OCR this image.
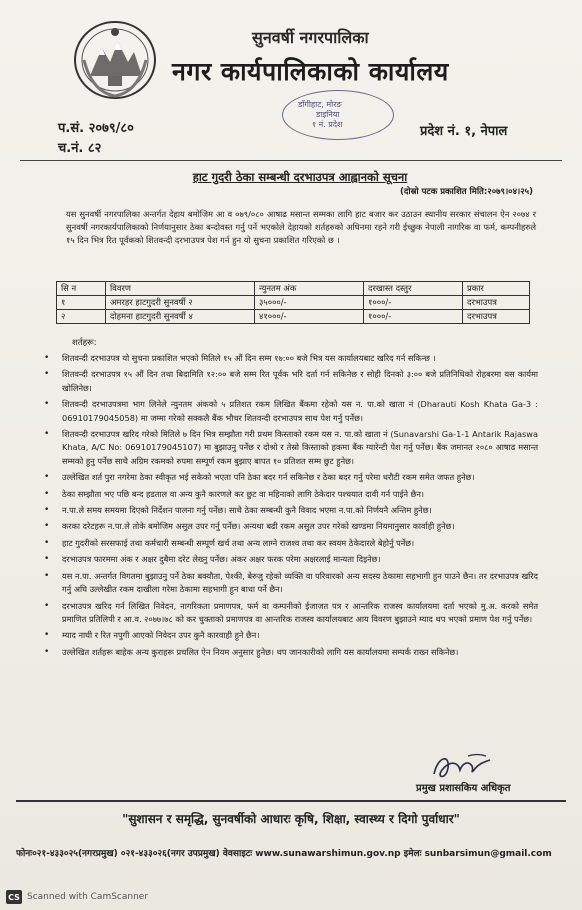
सुनवर्षी नगरपालिका
नगर कार्यपालिकाको कार्यालय
डाँगीहाट, मोरङ
डाइनिया
१ नं. प्रदेश
प.सं. २०७९/८०
च.नं. ८२
प्रदेश नं. १, नेपाल
हाट गुदरी ठेका सम्बन्धी दरभाउपत्र आह्वानको सूचना
(दोस्रो पटक प्रकाशित मिति:२०७९।०४।२५)
यस सुनवर्षी नगरपालिका अन्तर्गत देहाय बमोजिम आ व ०७९/०८० आषाढ मसान्त सम्मका लागि हाट बजार कर उठाउन स्थानीय सरकार संचालन ऐन २०७४ र सुनवर्षी नगरकार्यपालिकाको निर्णयानुसार ठेका बन्दोवस्त गर्नु पर्ने भएकोले देहायको शर्तहरुको अधिनमा रहने गरी ईच्छुक नेपाली नागरिक वा फर्म, कम्पनीहरुले १५ दिन भित्र रित पूर्वकको शितवन्दी दरभाउपत्र पेश गर्न हुन यो सुचना प्रकाशित गरिएको छ ।
सि न	विवरण	न्युनतम अंक	दरखास्त दस्तुर	प्रकार
१	अमरहर हाटगुदरी सुनवर्षी २	३५०००/-	१०००/-	दरभाउपत्र
२	दोहमना हाटगुदरी सुनवर्षी ४	४१०००/-	१०००/-	दरभाउपत्र
शर्तहरू:
• शितवन्दी दरभाउपत्र यो सुचना प्रकाशित भएको मितिले १५ औं दिन सम्म १७:०० बजे भित्र यस कार्यालयबाट खरिद गर्न सकिन्छ ।
• शितवन्दी दरभाउपत्र १५ औं दिन तथा बिदामिति १२:०० बजे सम्म रित पूर्वक भरि दर्ता गर्न सकिनेछ र सोही दिनको ३:०० बजे प्रतिनिधिको रोहबरमा यस कार्यमा खोलिनेछ।
• शितवन्दी दरभाउपत्रमा भाग लिनेले न्युनतम अंकको ५ प्रतिशत रकम लिखित बैंकमा रहेको यस न. पा.को खाता नं (Dharauti Kosh Khata Ga-3 : 06910179045058) मा जम्मा गरेको सक्कलै बैंक भौचर शितवन्दी दरभाउपत्र साथ पेश गर्नु पर्नेछ।
• शितवन्दी दरभाउपत्र खरिद गरेको मितिले ७ दिन भित्र सम्झौता गरी प्रथम किस्ताको रकम यस न. पा.को खाता नं (Sunavarshi Ga-1-1 Antarik Rajaswa Khata, A/C No: 06910179045107) मा बुझाउनु पर्नेछ र दोश्रो र तेस्रो किस्ताको हकमा बैंक ग्यारेन्टी पेश गर्नु पर्नेछ। बैंक जमानत २०८० आषाढ मसान्त सम्मको हुनु पर्नेछ साथै अग्रिम रकमको रुपमा सम्पूर्ण रकम बुझाए बापत १० प्रतिशत सम्म छुट हुनेछ।
• उल्लेखित शर्त पुरा नगरेमा ठेका स्वीकृत भई सकेको भएता पनि ठेका बदर गर्न सकिनेछ र ठेका बदर गर्नु परेमा धरौटी रकम समेत जफत हुनेछ।
• ठेका सम्झौता भए पछि बन्द हडताल वा अन्य कुनै कारणले कर छुट वा महिनाको लागि ठेकेदार पश्चयात दावी गर्न पाईने छैन।
• न.पा.ले समय समयमा दिएको निर्देशन पालना गर्नु पर्नेछ। साथै ठेका सम्बन्धी कुनै विवाद भएमा न.पा.को निर्णयनै अन्तिम हुनेछ।
• करका दरेटहरू न.पा.ले तोके बमोजिम असुल उपर गर्नु पर्नेछ। अन्यथा बढी रकम असुल उपर गरेको खण्डमा नियमानुसार कार्वाही हुनेछ।
• हाट गुदरीको सरसफाई तथा कर्मचारी सम्बन्धी सम्पूर्ण खर्च तथा अन्य लाग्ने राजश्व तथा कर स्वयम ठेकेदारले बेहोर्नु पर्नेछ।
• दरभाउपत्र फारममा अंक र अक्षर दुबैमा दरेट लेख्नु पर्नेछ। अंकर अक्षर फरक परेमा अक्षरलाई मान्यता दिइनेछ।
• यस न.पा. अन्तर्गत विगतमा बुझाउनु पर्ने ठेका बक्यौता, पेश्की, बेरुजु रहेको व्यक्ति वा परिवारको अन्य सदस्य ठेकामा सहभागी हुन पाउने छैन। तर दरभाउपत्र खरिद गर्नु अघि उल्लेखीत रकम दाखीला गरेमा ठेकामा सहभागी हुन बाधा पर्ने छैन।
• दरभाउपत्र खरिद गर्न लिखित निवेदन, नागरिकता प्रमाणपत्र, फर्म वा कम्पनीको ईजाजत पत्र र आन्तरिक राजस्व कार्यालयमा दर्ता भएको मु.अ. करको समेत प्रमाणित प्रतिलिपी र आ.व. २०७७।७८ को कर चुक्ताको प्रमाणपत्र वा आन्तरिक राजस्व कार्यालयबाट आय विवरण बुझाउने म्याद थप भएको प्रमाण पेश गर्नु पर्नेछ।
• म्याद नाघी र रित नपुगी आएको निवेदन उपर कुनै कारवाही हुने छैन।
• उल्लेखित शर्तहरू बाहेक अन्य कुराहरू प्रचलित ऐन नियम अनुसार हुनेछ। थप जानकारीको लागि यस कार्यालयमा सम्पर्क राख्न सकिनेछ।
प्रमुख प्रशासकिय अधिकृत
"सुशासन र समृद्धि, सुनवर्षीको आधारः कृषि, शिक्षा, स्वास्थ्य र दिगो पुर्वाधार"
फोनः०२१-४३३०२५(नगरप्रमुख) ०२१-४३३०२६(नगर उपप्रमुख) वेवसाइटः www.sunawarshimun.gov.np इमेलः sunbarsimun@gmail.com
CS Scanned with CamScanner
